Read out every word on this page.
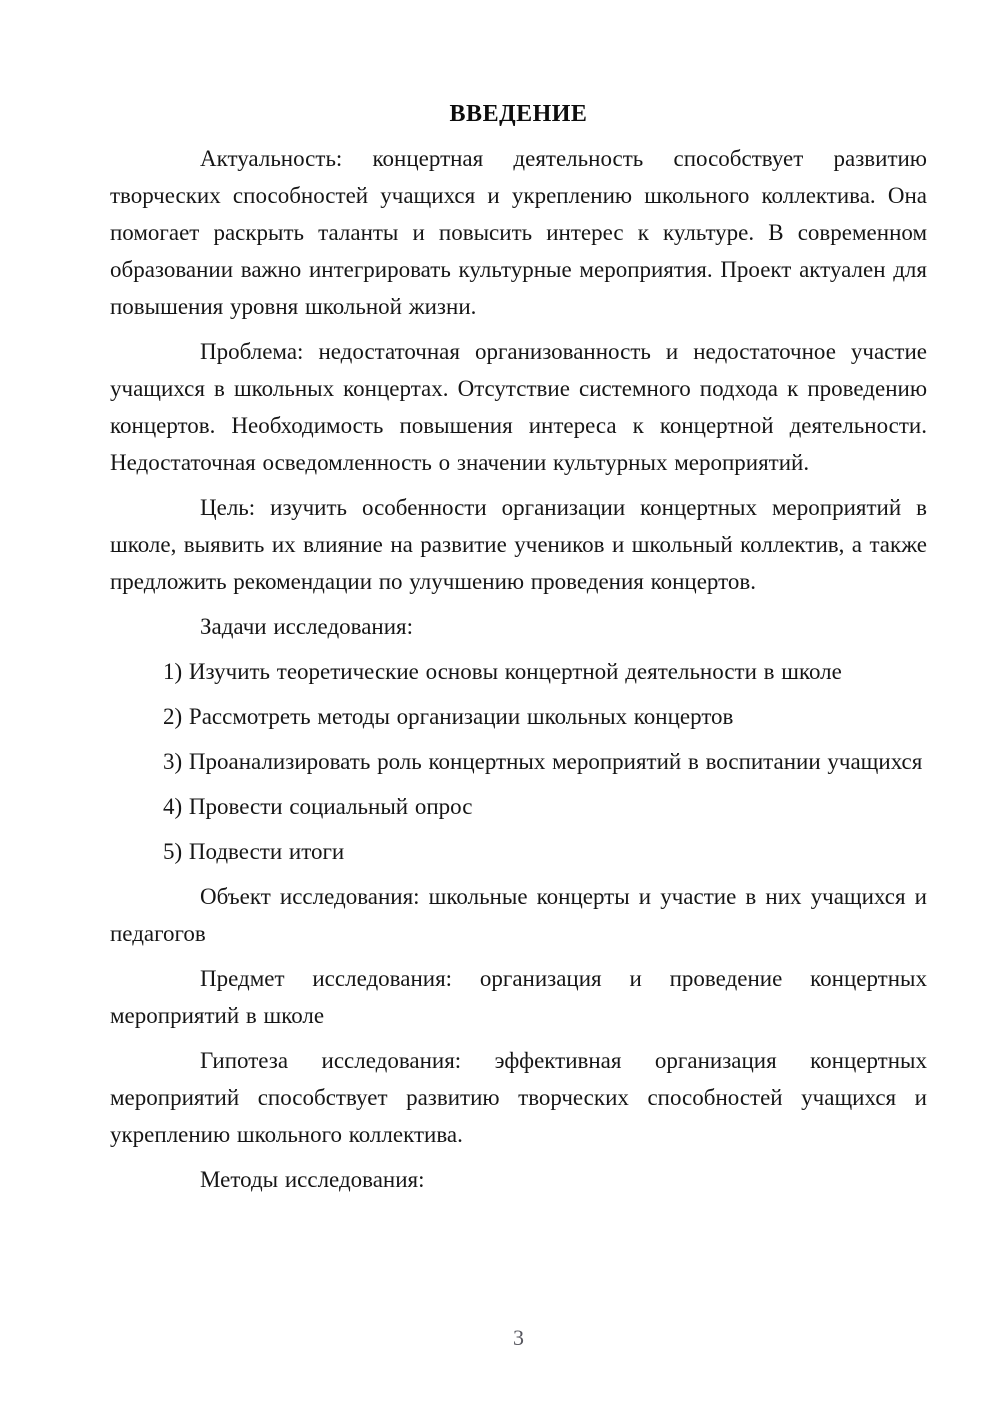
ВВЕДЕНИЕ

Актуальность: концертная деятельность способствует развитию творческих способностей учащихся и укреплению школьного коллектива. Она помогает раскрыть таланты и повысить интерес к культуре. В современном образовании важно интегрировать культурные мероприятия. Проект актуален для повышения уровня школьной жизни.

Проблема: недостаточная организованность и недостаточное участие учащихся в школьных концертах. Отсутствие системного подхода к проведению концертов. Необходимость повышения интереса к концертной деятельности. Недостаточная осведомленность о значении культурных мероприятий.

Цель: изучить особенности организации концертных мероприятий в школе, выявить их влияние на развитие учеников и школьный коллектив, а также предложить рекомендации по улучшению проведения концертов.

Задачи исследования:

1) Изучить теоретические основы концертной деятельности в школе

2) Рассмотреть методы организации школьных концертов

3) Проанализировать роль концертных мероприятий в воспитании учащихся

4) Провести социальный опрос

5) Подвести итоги

Объект исследования: школьные концерты и участие в них учащихся и педагогов

Предмет исследования: организация и проведение концертных мероприятий в школе

Гипотеза исследования: эффективная организация концертных мероприятий способствует развитию творческих способностей учащихся и укреплению школьного коллектива.

Методы исследования:

3
